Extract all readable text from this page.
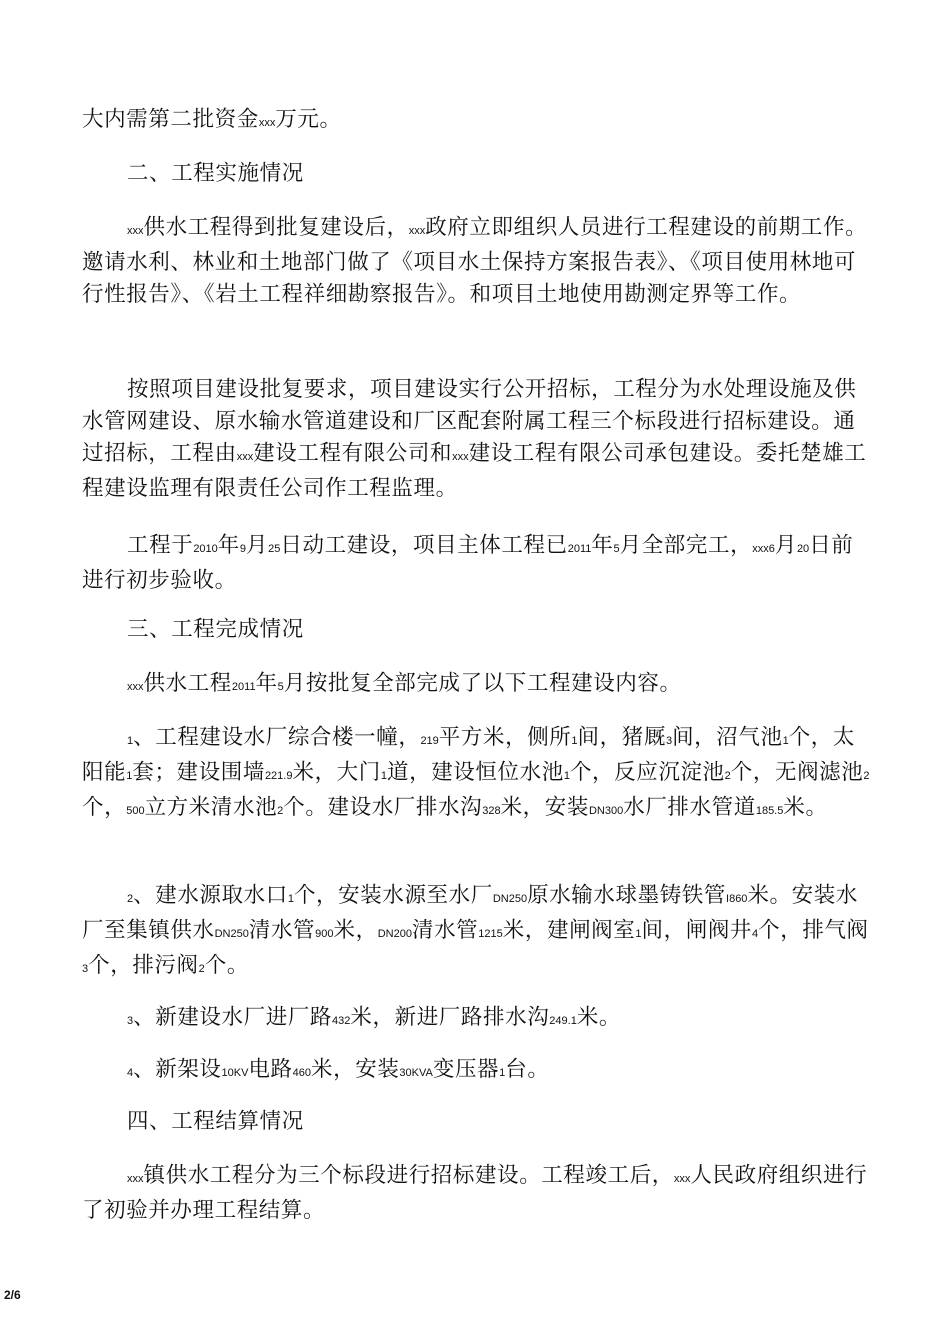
大内需第二批资金xxx万元。

二、工程实施情况

xxx供水工程得到批复建设后，xxx政府立即组织人员进行工程建设的前期工作。邀请水利、林业和土地部门做了《项目水土保持方案报告表》、《项目使用林地可行性报告》、《岩土工程祥细勘察报告》。和项目土地使用勘测定界等工作。

按照项目建设批复要求，项目建设实行公开招标，工程分为水处理设施及供水管网建设、原水输水管道建设和厂区配套附属工程三个标段进行招标建设。通过招标，工程由xxx建设工程有限公司和xxx建设工程有限公司承包建设。委托楚雄工程建设监理有限责任公司作工程监理。

工程于2010年9月25日动工建设，项目主体工程已2011年5月全部完工，xxx6月20日前进行初步验收。

三、工程完成情况

xxx供水工程2011年5月按批复全部完成了以下工程建设内容。

1、工程建设水厂综合楼一幢，219平方米，侧所1间，猪厩3间，沼气池1个，太阳能1套；建设围墙221.9米，大门1道，建设恒位水池1个，反应沉淀池2个，无阀滤池2个，500立方米清水池2个。建设水厂排水沟328米，安装DN300水厂排水管道185.5米。

2、建水源取水口1个，安装水源至水厂DN250原水输水球墨铸铁管I860米。安装水厂至集镇供水DN250清水管900米，DN200清水管1215米，建闸阀室1间，闸阀井4个，排气阀3个，排污阀2个。

3、新建设水厂进厂路432米，新进厂路排水沟249.1米。

4、新架设10KV电路460米，安装30KVA变压器1台。

四、工程结算情况

xxx镇供水工程分为三个标段进行招标建设。工程竣工后，xxx人民政府组织进行了初验并办理工程结算。

2/6
